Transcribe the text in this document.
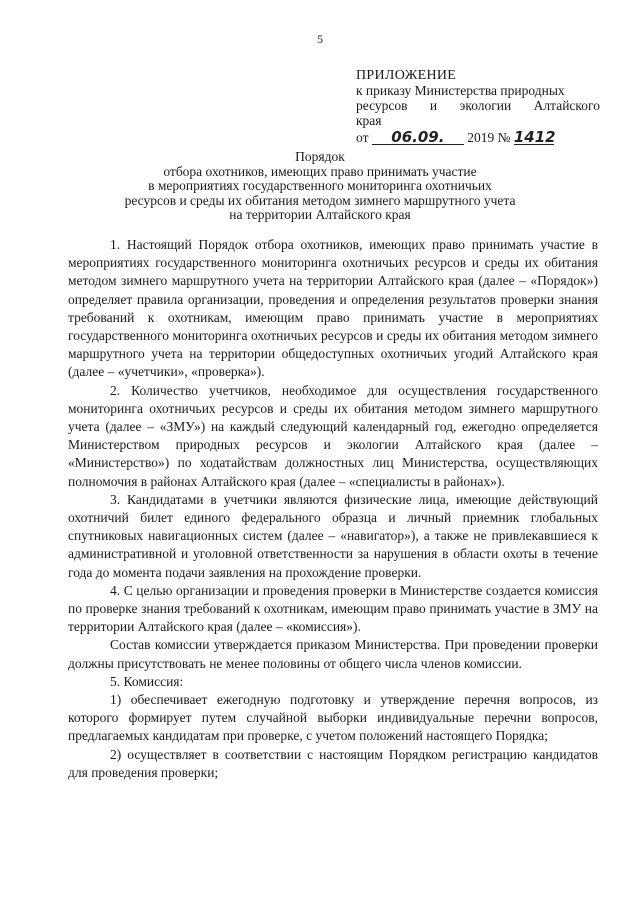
5
ПРИЛОЖЕНИЕ
к приказу Министерства природных
ресурсов и экологии Алтайского
края
от 06.09. 2019 № 1412
Порядок
отбора охотников, имеющих право принимать участие
в мероприятиях государственного мониторинга охотничьих
ресурсов и среды их обитания методом зимнего маршрутного учета
на территории Алтайского края

1. Настоящий Порядок отбора охотников, имеющих право принимать участие в мероприятиях государственного мониторинга охотничьих ресурсов и среды их обитания методом зимнего маршрутного учета на территории Алтайского края (далее – «Порядок») определяет правила организации, проведения и определения результатов проверки знания требований к охотникам, имеющим право принимать участие в мероприятиях государственного мониторинга охотничьих ресурсов и среды их обитания методом зимнего маршрутного учета на территории общедоступных охотничьих угодий Алтайского края (далее – «учетчики», «проверка»).

2. Количество учетчиков, необходимое для осуществления государственного мониторинга охотничьих ресурсов и среды их обитания методом зимнего маршрутного учета (далее – «ЗМУ») на каждый следующий календарный год, ежегодно определяется Министерством природных ресурсов и экологии Алтайского края (далее – «Министерство») по ходатайствам должностных лиц Министерства, осуществляющих полномочия в районах Алтайского края (далее – «специалисты в районах»).

3. Кандидатами в учетчики являются физические лица, имеющие действующий охотничий билет единого федерального образца и личный приемник глобальных спутниковых навигационных систем (далее – «навигатор»), а также не привлекавшиеся к административной и уголовной ответственности за нарушения в области охоты в течение года до момента подачи заявления на прохождение проверки.

4. С целью организации и проведения проверки в Министерстве создается комиссия по проверке знания требований к охотникам, имеющим право принимать участие в ЗМУ на территории Алтайского края (далее – «комиссия»).

Состав комиссии утверждается приказом Министерства. При проведении проверки должны присутствовать не менее половины от общего числа членов комиссии.

5. Комиссия:

1) обеспечивает ежегодную подготовку и утверждение перечня вопросов, из которого формирует путем случайной выборки индивидуальные перечни вопросов, предлагаемых кандидатам при проверке, с учетом положений настоящего Порядка;

2) осуществляет в соответствии с настоящим Порядком регистрацию кандидатов для проведения проверки;
